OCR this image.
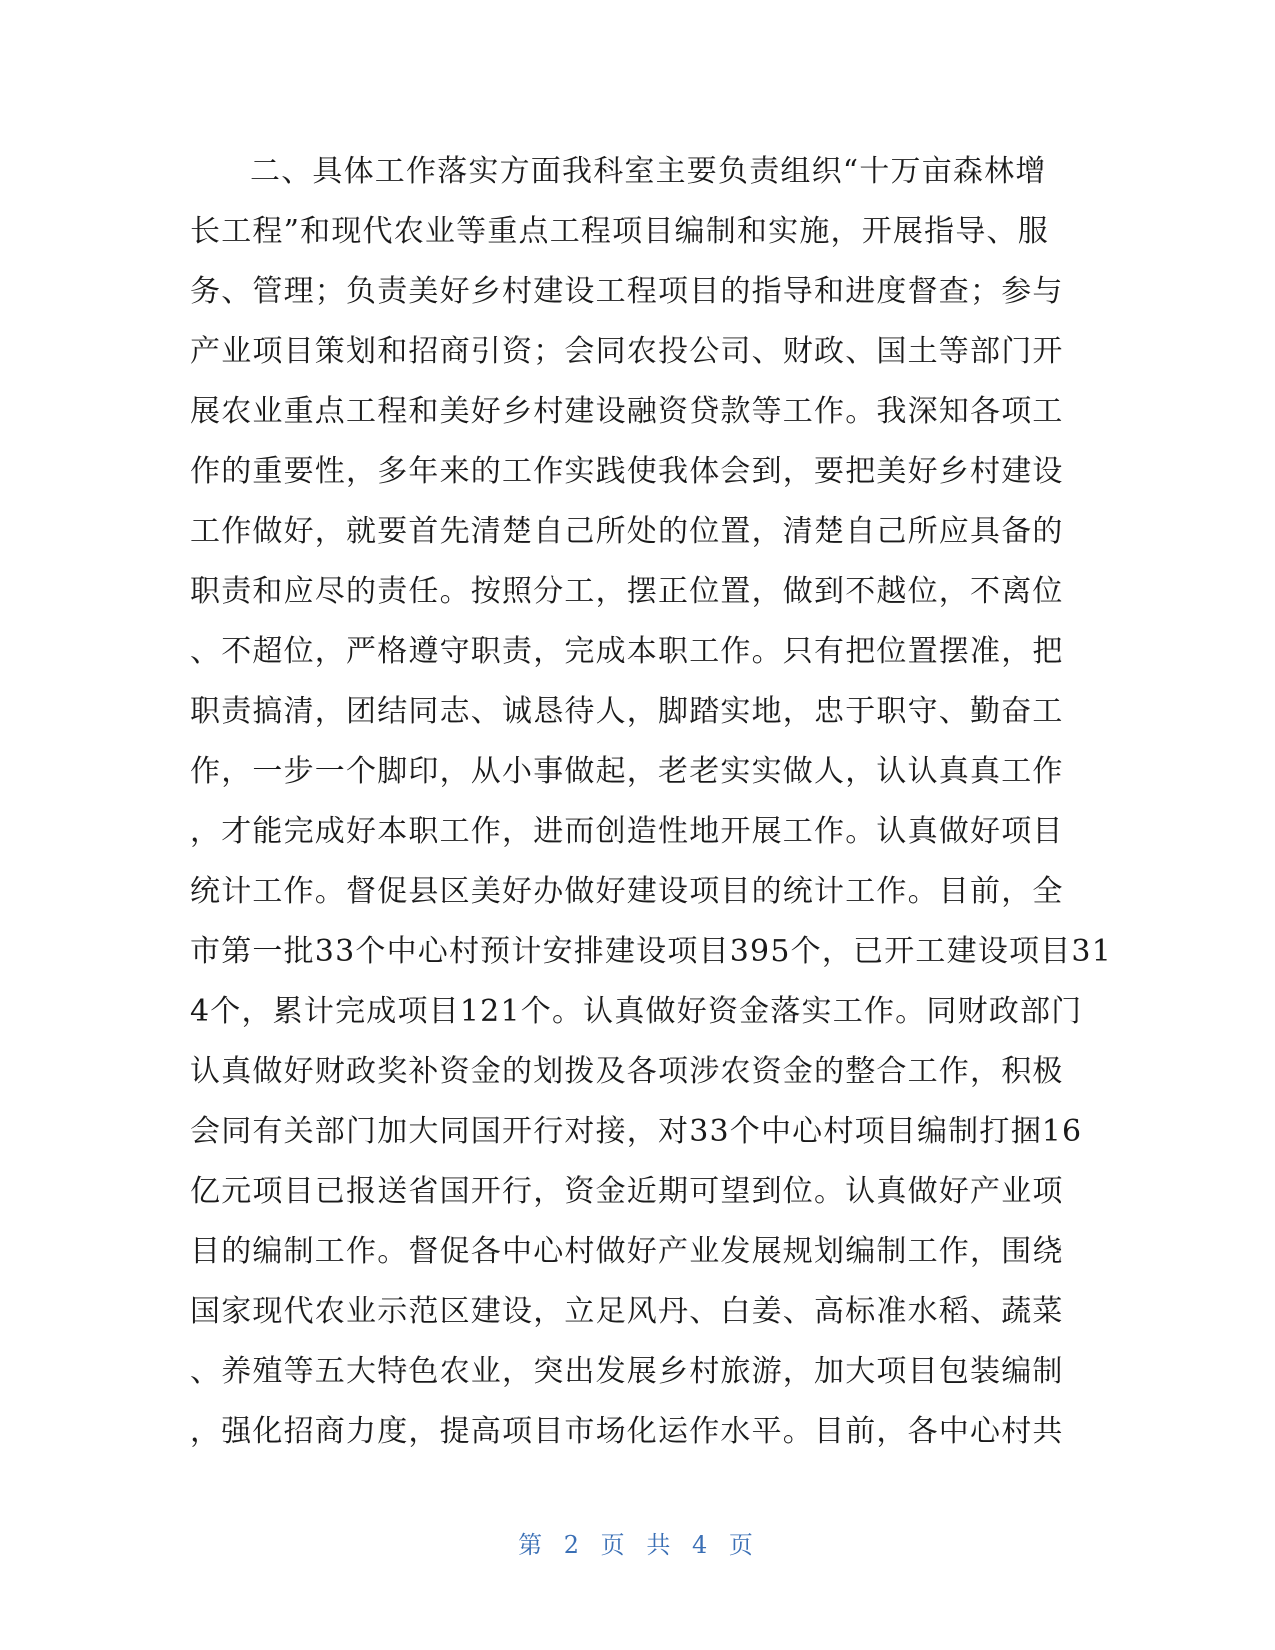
二、具体工作落实方面我科室主要负责组织“十万亩森林增
长工程”和现代农业等重点工程项目编制和实施，开展指导、服
务、管理；负责美好乡村建设工程项目的指导和进度督查；参与
产业项目策划和招商引资；会同农投公司、财政、国土等部门开
展农业重点工程和美好乡村建设融资贷款等工作。我深知各项工
作的重要性，多年来的工作实践使我体会到，要把美好乡村建设
工作做好，就要首先清楚自己所处的位置，清楚自己所应具备的
职责和应尽的责任。按照分工，摆正位置，做到不越位，不离位
、不超位，严格遵守职责，完成本职工作。只有把位置摆准，把
职责搞清，团结同志、诚恳待人，脚踏实地，忠于职守、勤奋工
作，一步一个脚印，从小事做起，老老实实做人，认认真真工作
，才能完成好本职工作，进而创造性地开展工作。认真做好项目
统计工作。督促县区美好办做好建设项目的统计工作。目前，全
市第一批33个中心村预计安排建设项目395个，已开工建设项目31
4个，累计完成项目121个。认真做好资金落实工作。同财政部门
认真做好财政奖补资金的划拨及各项涉农资金的整合工作，积极
会同有关部门加大同国开行对接，对33个中心村项目编制打捆16
亿元项目已报送省国开行，资金近期可望到位。认真做好产业项
目的编制工作。督促各中心村做好产业发展规划编制工作，围绕
国家现代农业示范区建设，立足风丹、白姜、高标准水稻、蔬菜
、养殖等五大特色农业，突出发展乡村旅游，加大项目包装编制
，强化招商力度，提高项目市场化运作水平。目前，各中心村共
第 2 页 共 4 页
